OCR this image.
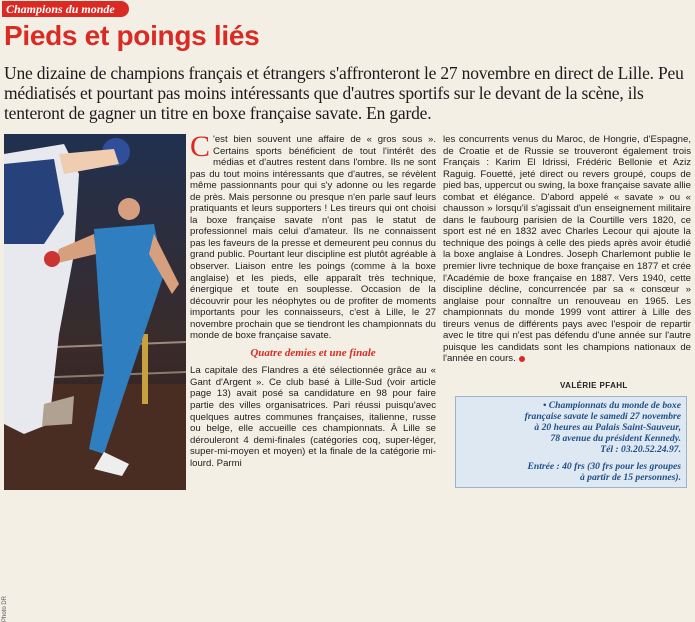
Champions du monde
Pieds et poings liés
Une dizaine de champions français et étrangers s'affronteront le 27 novembre en direct de Lille. Peu médiatisés et pourtant pas moins intéressants que d'autres sportifs sur le devant de la scène, ils tenteront de gagner un titre en boxe française savate. En garde.
Photo DR

C 'est bien souvent une affaire de « gros sous ». Certains sports bénéficient de tout l'intérêt des médias et d'autres restent dans l'ombre. Ils ne sont pas du tout moins intéressants que d'autres, se révèlent même passionnants pour qui s'y adonne ou les regarde de près. Mais personne ou presque n'en parle sauf leurs pratiquants et leurs supporters ! Les tireurs qui ont choisi la boxe française savate n'ont pas le statut de professionnel mais celui d'amateur. Ils ne connaissent pas les faveurs de la presse et demeurent peu connus du grand public. Pourtant leur discipline est plutôt agréable à observer. Liaison entre les poings (comme à la boxe anglaise) et les pieds, elle apparaît très technique, énergique et toute en souplesse. Occasion de la découvrir pour les néophytes ou de profiter de moments importants pour les connaisseurs, c'est à Lille, le 27 novembre prochain que se tiendront les championnats du monde de boxe française savate.

Quatre demies et une finale

La capitale des Flandres a été sélectionnée grâce au « Gant d'Argent ». Ce club basé à Lille-Sud (voir article page 13) avait posé sa candidature en 98 pour faire partie des villes organisatrices. Pari réussi puisqu'avec quelques autres communes françaises, italienne, russe ou belge, elle accueille ces championnats. À Lille se dérouleront 4 demi-finales (catégories coq, super-léger, super-mi-moyen et moyen) et la finale de la catégorie mi-lourd. Parmi

les concurrents venus du Maroc, de Hongrie, d'Espagne, de Croatie et de Russie se trouveront également trois Français : Karim El Idrissi, Frédéric Bellonie et Aziz Raguig. Fouetté, jeté direct ou revers groupé, coups de pied bas, uppercut ou swing, la boxe française savate allie combat et élégance. D'abord appelé « savate » ou « chausson » lorsqu'il s'agissait d'un enseignement militaire dans le faubourg parisien de la Courtille vers 1820, ce sport est né en 1832 avec Charles Lecour qui ajoute la technique des poings à celle des pieds après avoir étudié la boxe anglaise à Londres. Joseph Charlemont publie le premier livre technique de boxe française en 1877 et crée l'Académie de boxe française en 1887. Vers 1940, cette discipline décline, concurrencée par sa « consœur » anglaise pour connaître un renouveau en 1965. Les championnats du monde 1999 vont attirer à Lille des tireurs venus de différents pays avec l'espoir de repartir avec le titre qui n'est pas défendu d'une année sur l'autre puisque les candidats sont les champions nationaux de l'année en cours.

VALÉRIE PFAHL

• Championnats du monde de boxe

française savate le samedi 27 novembre

à 20 heures au Palais Saint-Sauveur,

78 avenue du président Kennedy.

Tél : 03.20.52.24.97.

Entrée : 40 frs (30 frs pour les groupes

à partir de 15 personnes).
